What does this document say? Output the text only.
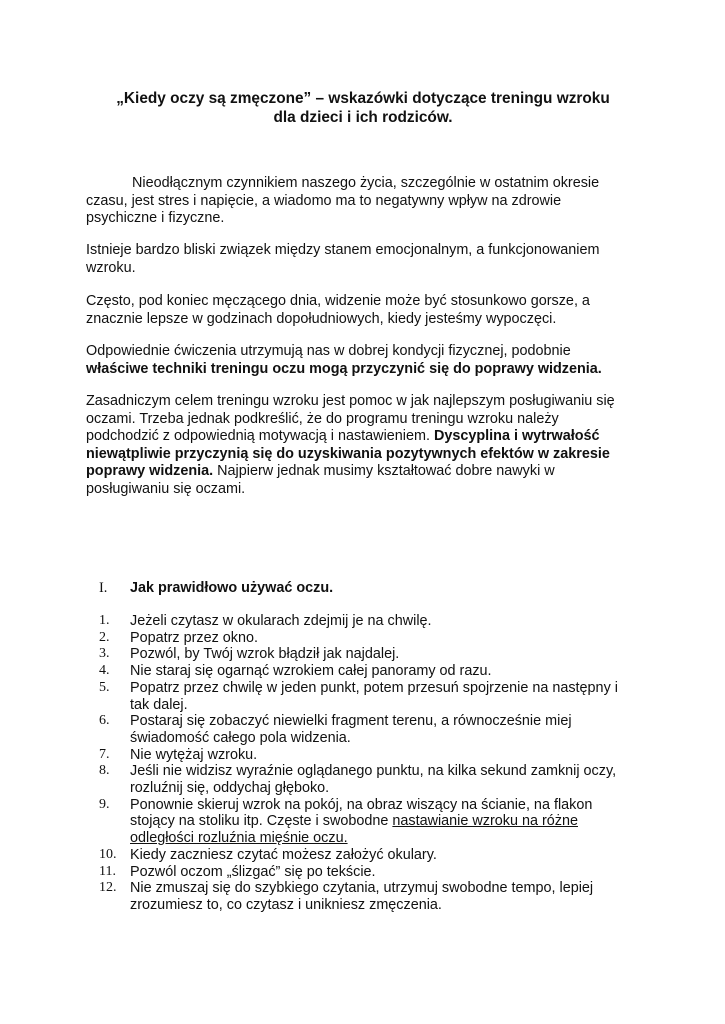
„Kiedy oczy są zmęczone” – wskazówki dotyczące treningu wzroku
dla dzieci i ich rodziców.

Nieodłącznym czynnikiem naszego życia, szczególnie w ostatnim okresie czasu, jest stres i napięcie, a wiadomo ma to negatywny wpływ na zdrowie psychiczne i fizyczne.

Istnieje bardzo bliski związek między stanem emocjonalnym, a funkcjonowaniem wzroku.

Często, pod koniec męczącego dnia, widzenie może być stosunkowo gorsze, a znacznie lepsze w godzinach dopołudniowych, kiedy jesteśmy wypoczęci.

Odpowiednie ćwiczenia utrzymują nas w dobrej kondycji fizycznej, podobnie właściwe techniki treningu oczu mogą przyczynić się do poprawy widzenia.

Zasadniczym celem treningu wzroku jest pomoc w jak najlepszym posługiwaniu się oczami. Trzeba jednak podkreślić, że do programu treningu wzroku należy podchodzić z odpowiednią motywacją i nastawieniem. Dyscyplina i wytrwałość niewątpliwie przyczynią się do uzyskiwania pozytywnych efektów w zakresie poprawy widzenia. Najpierw jednak musimy kształtować dobre nawyki w posługiwaniu się oczami.

I. Jak prawidłowo używać oczu.
1.	Jeżeli czytasz w okularach zdejmij je na chwilę.
2.	Popatrz przez okno.
3.	Pozwól, by Twój wzrok błądził jak najdalej.
4.	Nie staraj się ogarnąć wzrokiem całej panoramy od razu.
5.	Popatrz przez chwilę w jeden punkt, potem przesuń spojrzenie na następny i tak dalej.
6.	Postaraj się zobaczyć niewielki fragment terenu, a równocześnie miej świadomość całego pola widzenia.
7.	Nie wytężaj wzroku.
8.	Jeśli nie widzisz wyraźnie oglądanego punktu, na kilka sekund zamknij oczy, rozluźnij się, oddychaj głęboko.
9.	Ponownie skieruj wzrok na pokój, na obraz wiszący na ścianie, na flakon stojący na stoliku itp. Częste i swobodne nastawianie wzroku na różne odległości rozluźnia mięśnie oczu.
10. Kiedy zaczniesz czytać możesz założyć okulary.
11. Pozwól oczom „ślizgać” się po tekście.
12. Nie zmuszaj się do szybkiego czytania, utrzymuj swobodne tempo, lepiej zrozumiesz to, co czytasz i unikniesz zmęczenia.
